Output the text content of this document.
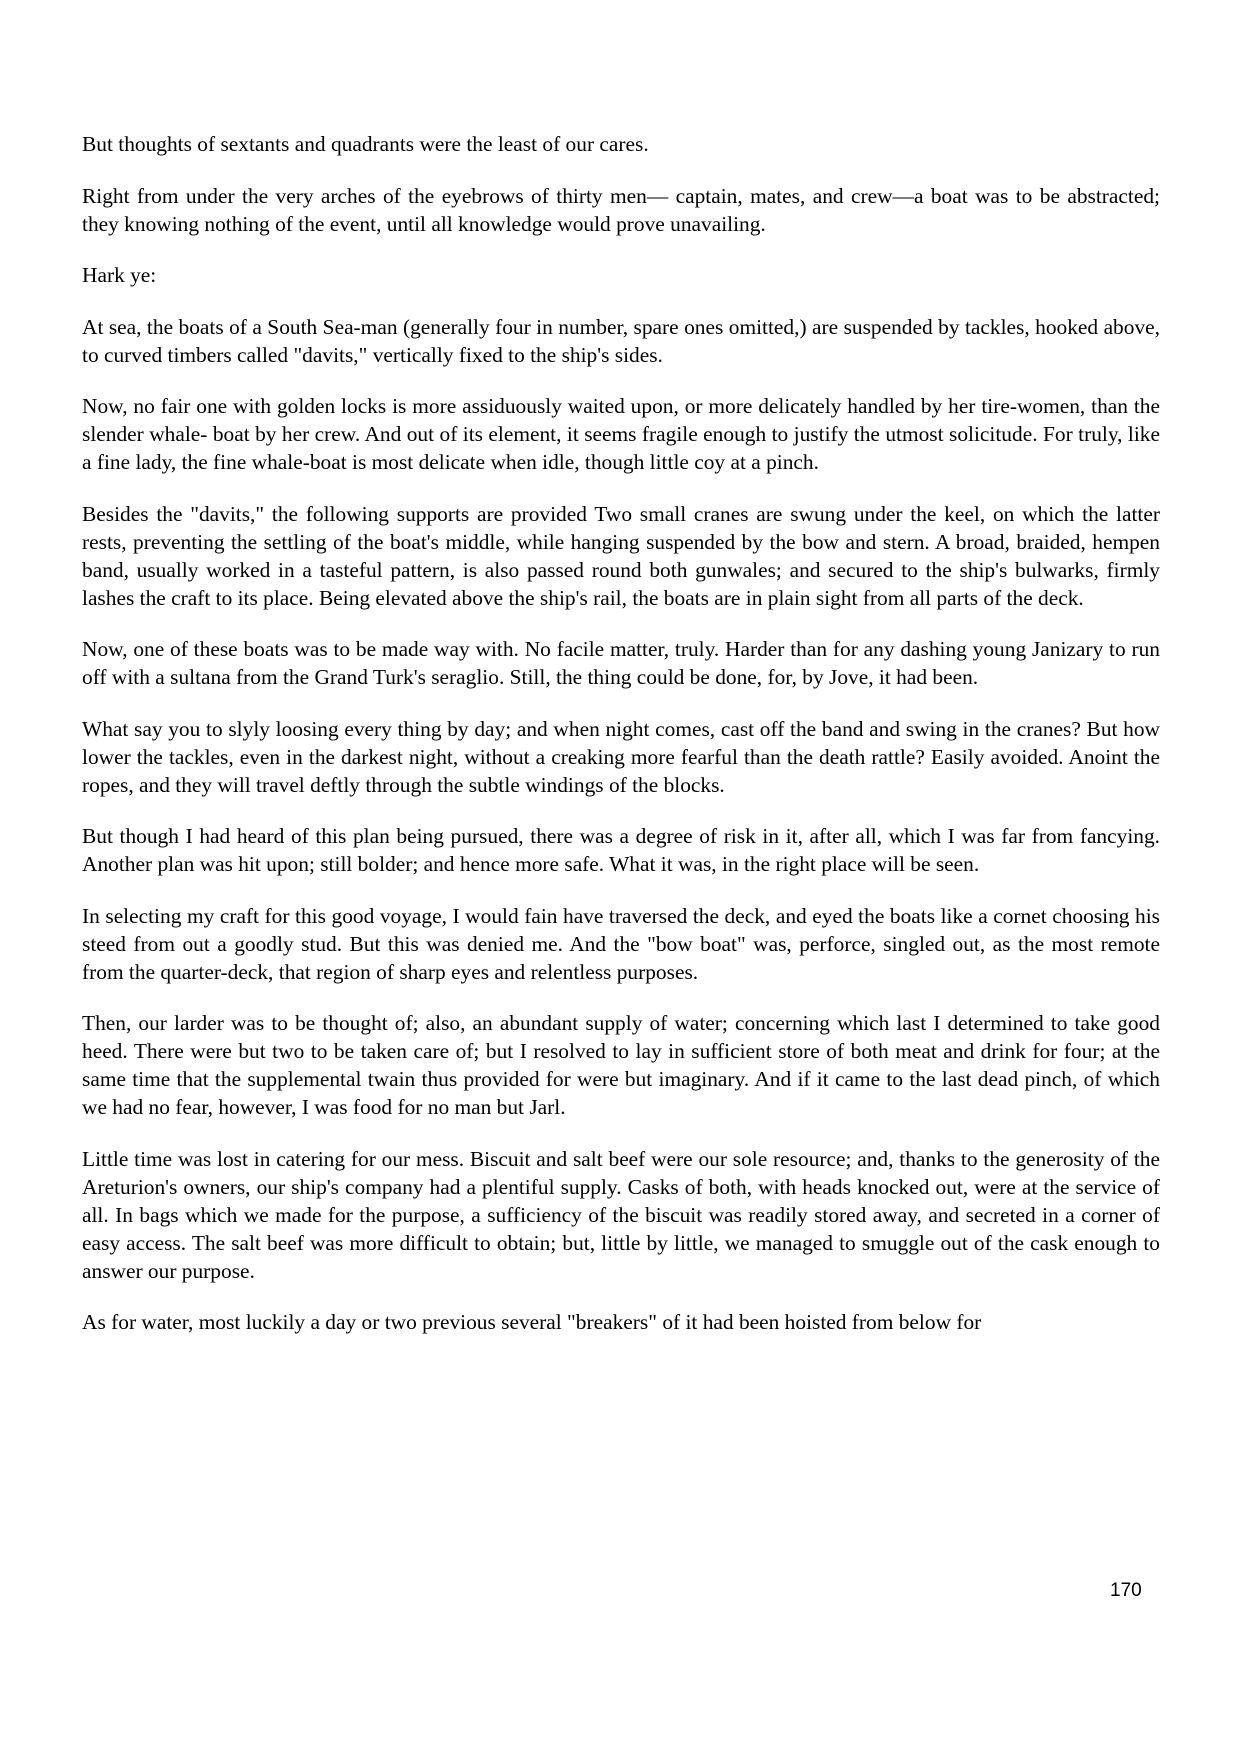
But thoughts of sextants and quadrants were the least of our cares.

Right from under the very arches of the eyebrows of thirty men— captain, mates, and crew—a boat was to be abstracted; they knowing nothing of the event, until all knowledge would prove unavailing.

Hark ye:

At sea, the boats of a South Sea-man (generally four in number, spare ones omitted,) are suspended by tackles, hooked above, to curved timbers called "davits," vertically fixed to the ship's sides.

Now, no fair one with golden locks is more assiduously waited upon, or more delicately handled by her tire-women, than the slender whale- boat by her crew. And out of its element, it seems fragile enough to justify the utmost solicitude. For truly, like a fine lady, the fine whale-boat is most delicate when idle, though little coy at a pinch.

Besides the "davits," the following supports are provided Two small cranes are swung under the keel, on which the latter rests, preventing the settling of the boat's middle, while hanging suspended by the bow and stern. A broad, braided, hempen band, usually worked in a tasteful pattern, is also passed round both gunwales; and secured to the ship's bulwarks, firmly lashes the craft to its place. Being elevated above the ship's rail, the boats are in plain sight from all parts of the deck.

Now, one of these boats was to be made way with. No facile matter, truly. Harder than for any dashing young Janizary to run off with a sultana from the Grand Turk's seraglio. Still, the thing could be done, for, by Jove, it had been.

What say you to slyly loosing every thing by day; and when night comes, cast off the band and swing in the cranes? But how lower the tackles, even in the darkest night, without a creaking more fearful than the death rattle? Easily avoided. Anoint the ropes, and they will travel deftly through the subtle windings of the blocks.

But though I had heard of this plan being pursued, there was a degree of risk in it, after all, which I was far from fancying. Another plan was hit upon; still bolder; and hence more safe. What it was, in the right place will be seen.

In selecting my craft for this good voyage, I would fain have traversed the deck, and eyed the boats like a cornet choosing his steed from out a goodly stud. But this was denied me. And the "bow boat" was, perforce, singled out, as the most remote from the quarter-deck, that region of sharp eyes and relentless purposes.

Then, our larder was to be thought of; also, an abundant supply of water; concerning which last I determined to take good heed. There were but two to be taken care of; but I resolved to lay in sufficient store of both meat and drink for four; at the same time that the supplemental twain thus provided for were but imaginary. And if it came to the last dead pinch, of which we had no fear, however, I was food for no man but Jarl.

Little time was lost in catering for our mess. Biscuit and salt beef were our sole resource; and, thanks to the generosity of the Areturion's owners, our ship's company had a plentiful supply. Casks of both, with heads knocked out, were at the service of all. In bags which we made for the purpose, a sufficiency of the biscuit was readily stored away, and secreted in a corner of easy access. The salt beef was more difficult to obtain; but, little by little, we managed to smuggle out of the cask enough to answer our purpose.

As for water, most luckily a day or two previous several "breakers" of it had been hoisted from below for

170
